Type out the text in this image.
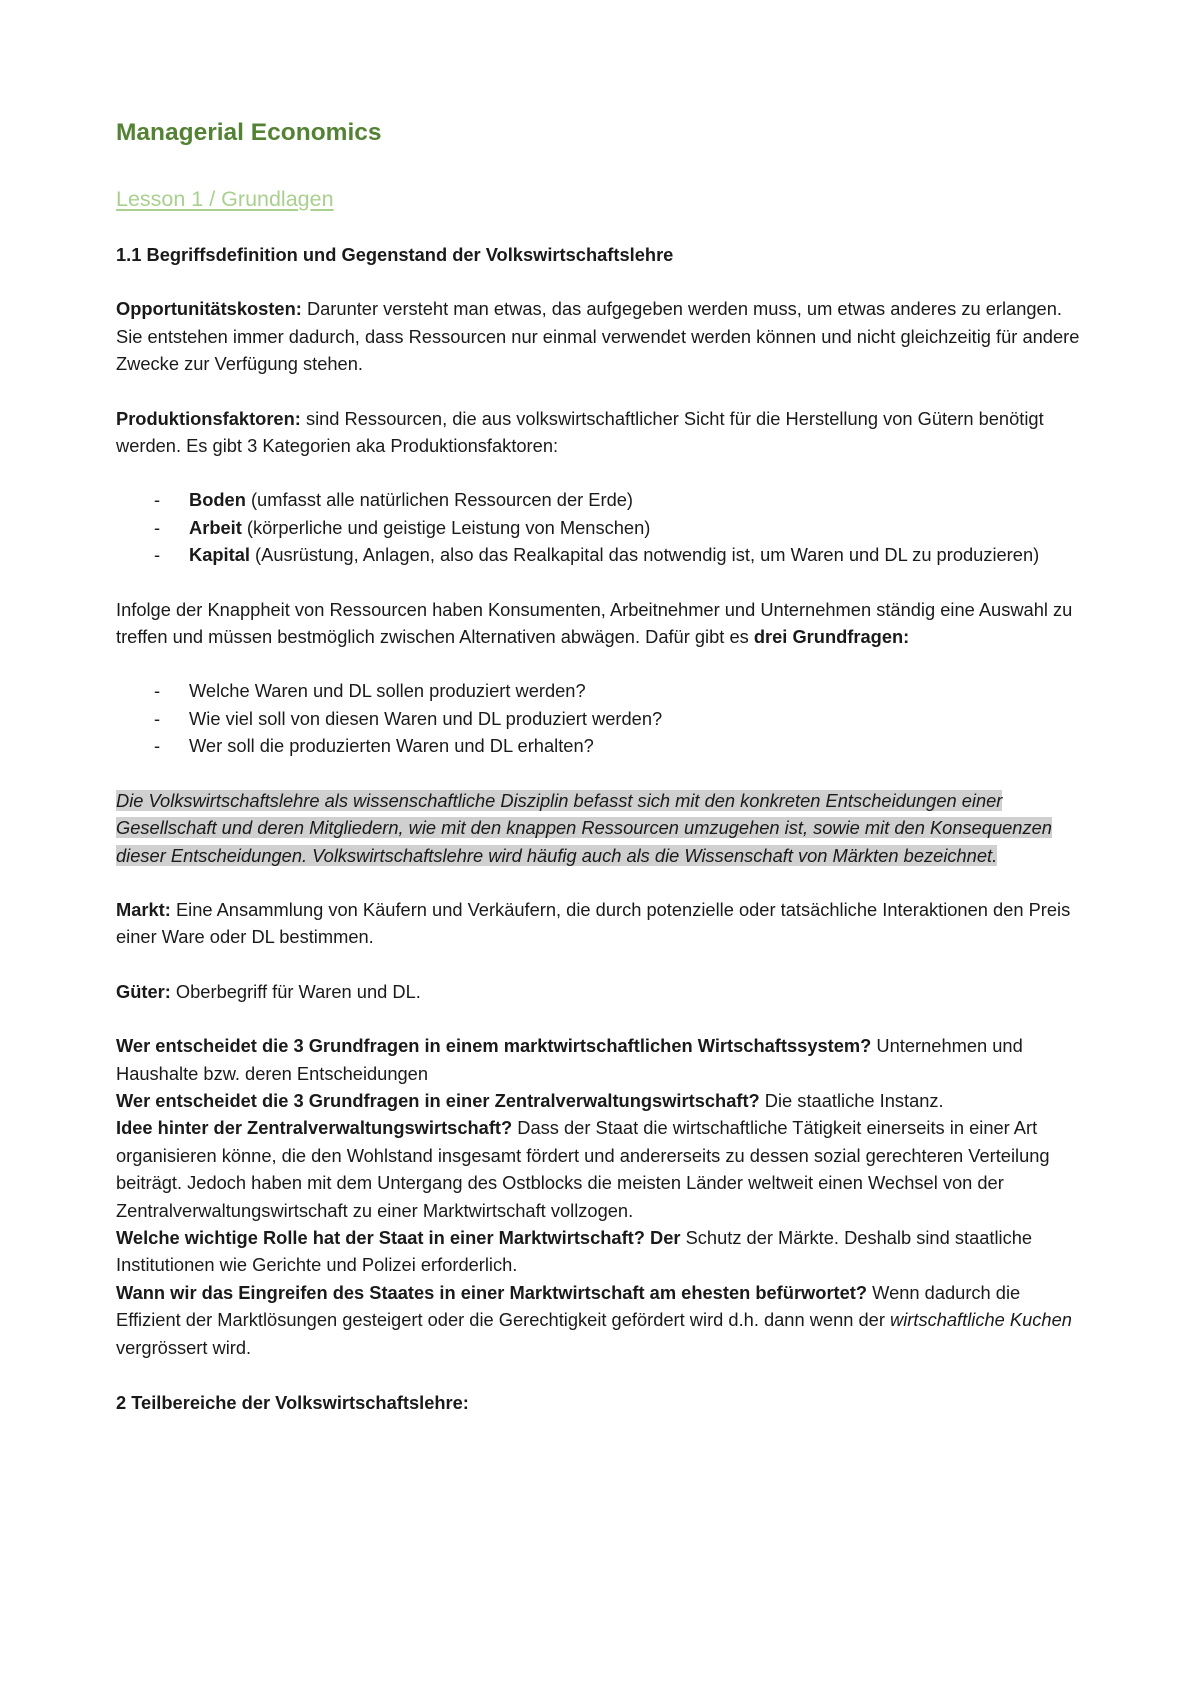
Managerial Economics
Lesson 1 / Grundlagen
1.1 Begriffsdefinition und Gegenstand der Volkswirtschaftslehre

Opportunitätskosten: Darunter versteht man etwas, das aufgegeben werden muss, um etwas anderes zu erlangen. Sie entstehen immer dadurch, dass Ressourcen nur einmal verwendet werden können und nicht gleichzeitig für andere Zwecke zur Verfügung stehen.

Produktionsfaktoren: sind Ressourcen, die aus volkswirtschaftlicher Sicht für die Herstellung von Gütern benötigt werden. Es gibt 3 Kategorien aka Produktionsfaktoren:

- Boden (umfasst alle natürlichen Ressourcen der Erde)
- Arbeit (körperliche und geistige Leistung von Menschen)
- Kapital (Ausrüstung, Anlagen, also das Realkapital das notwendig ist, um Waren und DL zu produzieren)

Infolge der Knappheit von Ressourcen haben Konsumenten, Arbeitnehmer und Unternehmen ständig eine Auswahl zu treffen und müssen bestmöglich zwischen Alternativen abwägen. Dafür gibt es drei Grundfragen:

- Welche Waren und DL sollen produziert werden?
- Wie viel soll von diesen Waren und DL produziert werden?
- Wer soll die produzierten Waren und DL erhalten?

Die Volkswirtschaftslehre als wissenschaftliche Disziplin befasst sich mit den konkreten Entscheidungen einer Gesellschaft und deren Mitgliedern, wie mit den knappen Ressourcen umzugehen ist, sowie mit den Konsequenzen dieser Entscheidungen. Volkswirtschaftslehre wird häufig auch als die Wissenschaft von Märkten bezeichnet.

Markt: Eine Ansammlung von Käufern und Verkäufern, die durch potenzielle oder tatsächliche Interaktionen den Preis einer Ware oder DL bestimmen.

Güter: Oberbegriff für Waren und DL.

Wer entscheidet die 3 Grundfragen in einem marktwirtschaftlichen Wirtschaftssystem? Unternehmen und Haushalte bzw. deren Entscheidungen

Wer entscheidet die 3 Grundfragen in einer Zentralverwaltungswirtschaft? Die staatliche Instanz.

Idee hinter der Zentralverwaltungswirtschaft? Dass der Staat die wirtschaftliche Tätigkeit einerseits in einer Art organisieren könne, die den Wohlstand insgesamt fördert und andererseits zu dessen sozial gerechteren Verteilung beiträgt. Jedoch haben mit dem Untergang des Ostblocks die meisten Länder weltweit einen Wechsel von der Zentralverwaltungswirtschaft zu einer Marktwirtschaft vollzogen.

Welche wichtige Rolle hat der Staat in einer Marktwirtschaft? Der Schutz der Märkte. Deshalb sind staatliche Institutionen wie Gerichte und Polizei erforderlich.

Wann wir das Eingreifen des Staates in einer Marktwirtschaft am ehesten befürwortet? Wenn dadurch die Effizient der Marktlösungen gesteigert oder die Gerechtigkeit gefördert wird d.h. dann wenn der wirtschaftliche Kuchen vergrössert wird.

2 Teilbereiche der Volkswirtschaftslehre:
